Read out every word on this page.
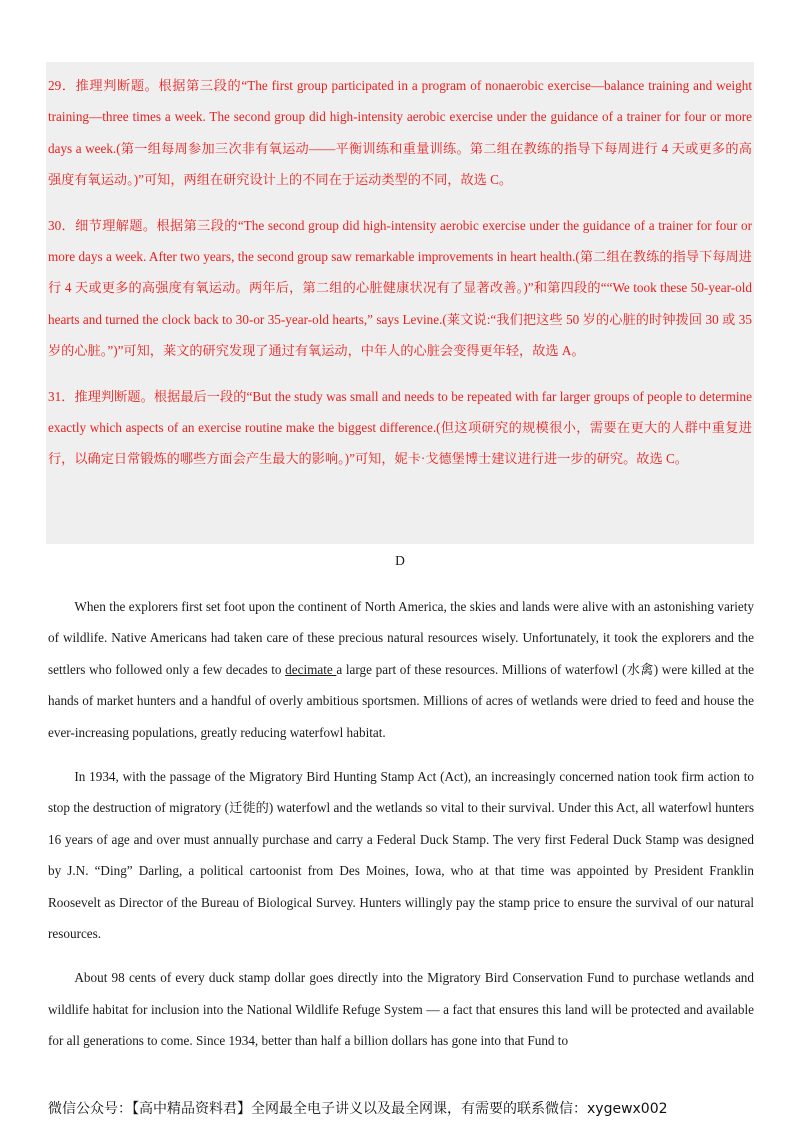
29．推理判断题。根据第三段的“The first group participated in a program of nonaerobic exercise—balance training and weight training—three times a week. The second group did high-intensity aerobic exercise under the guidance of a trainer for four or more days a week.(第一组每周参加三次非有氧运动——平衡训练和重量训练。第二组在教练的指导下每周进行 4 天或更多的高强度有氧运动。)”可知，两组在研究设计上的不同在于运动类型的不同，故选 C。

30．细节理解题。根据第三段的“The second group did high-intensity aerobic exercise under the guidance of a trainer for four or more days a week. After two years, the second group saw remarkable improvements in heart health.(第二组在教练的指导下每周进行 4 天或更多的高强度有氧运动。两年后，第二组的心脏健康状况有了显著改善。)”和第四段的““We took these 50-year-old hearts and turned the clock back to 30-or 35-year-old hearts,” says Levine.(莱文说:“我们把这些 50 岁的心脏的时钟拨回 30 或 35 岁的心脏。”)”可知，莱文的研究发现了通过有氧运动，中年人的心脏会变得更年轻，故选 A。

31．推理判断题。根据最后一段的“But the study was small and needs to be repeated with far larger groups of people to determine exactly which aspects of an exercise routine make the biggest difference.(但这项研究的规模很小，需要在更大的人群中重复进行，以确定日常锻炼的哪些方面会产生最大的影响。)”可知，妮卡·戈德堡博士建议进行进一步的研究。故选 C。

D

When the explorers first set foot upon the continent of North America, the skies and lands were alive with an astonishing variety of wildlife. Native Americans had taken care of these precious natural resources wisely. Unfortunately, it took the explorers and the settlers who followed only a few decades to decimate a large part of these resources. Millions of waterfowl (水禽) were killed at the hands of market hunters and a handful of overly ambitious sportsmen. Millions of acres of wetlands were dried to feed and house the ever-increasing populations, greatly reducing waterfowl habitat.

In 1934, with the passage of the Migratory Bird Hunting Stamp Act (Act), an increasingly concerned nation took firm action to stop the destruction of migratory (迁徙的) waterfowl and the wetlands so vital to their survival. Under this Act, all waterfowl hunters 16 years of age and over must annually purchase and carry a Federal Duck Stamp. The very first Federal Duck Stamp was designed by J.N. “Ding” Darling, a political cartoonist from Des Moines, Iowa, who at that time was appointed by President Franklin Roosevelt as Director of the Bureau of Biological Survey. Hunters willingly pay the stamp price to ensure the survival of our natural resources.

About 98 cents of every duck stamp dollar goes directly into the Migratory Bird Conservation Fund to purchase wetlands and wildlife habitat for inclusion into the National Wildlife Refuge System — a fact that ensures this land will be protected and available for all generations to come. Since 1934, better than half a billion dollars has gone into that Fund to

微信公众号：【高中精品资料君】全网最全电子讲义以及最全网课，有需要的联系微信：xygewx002
